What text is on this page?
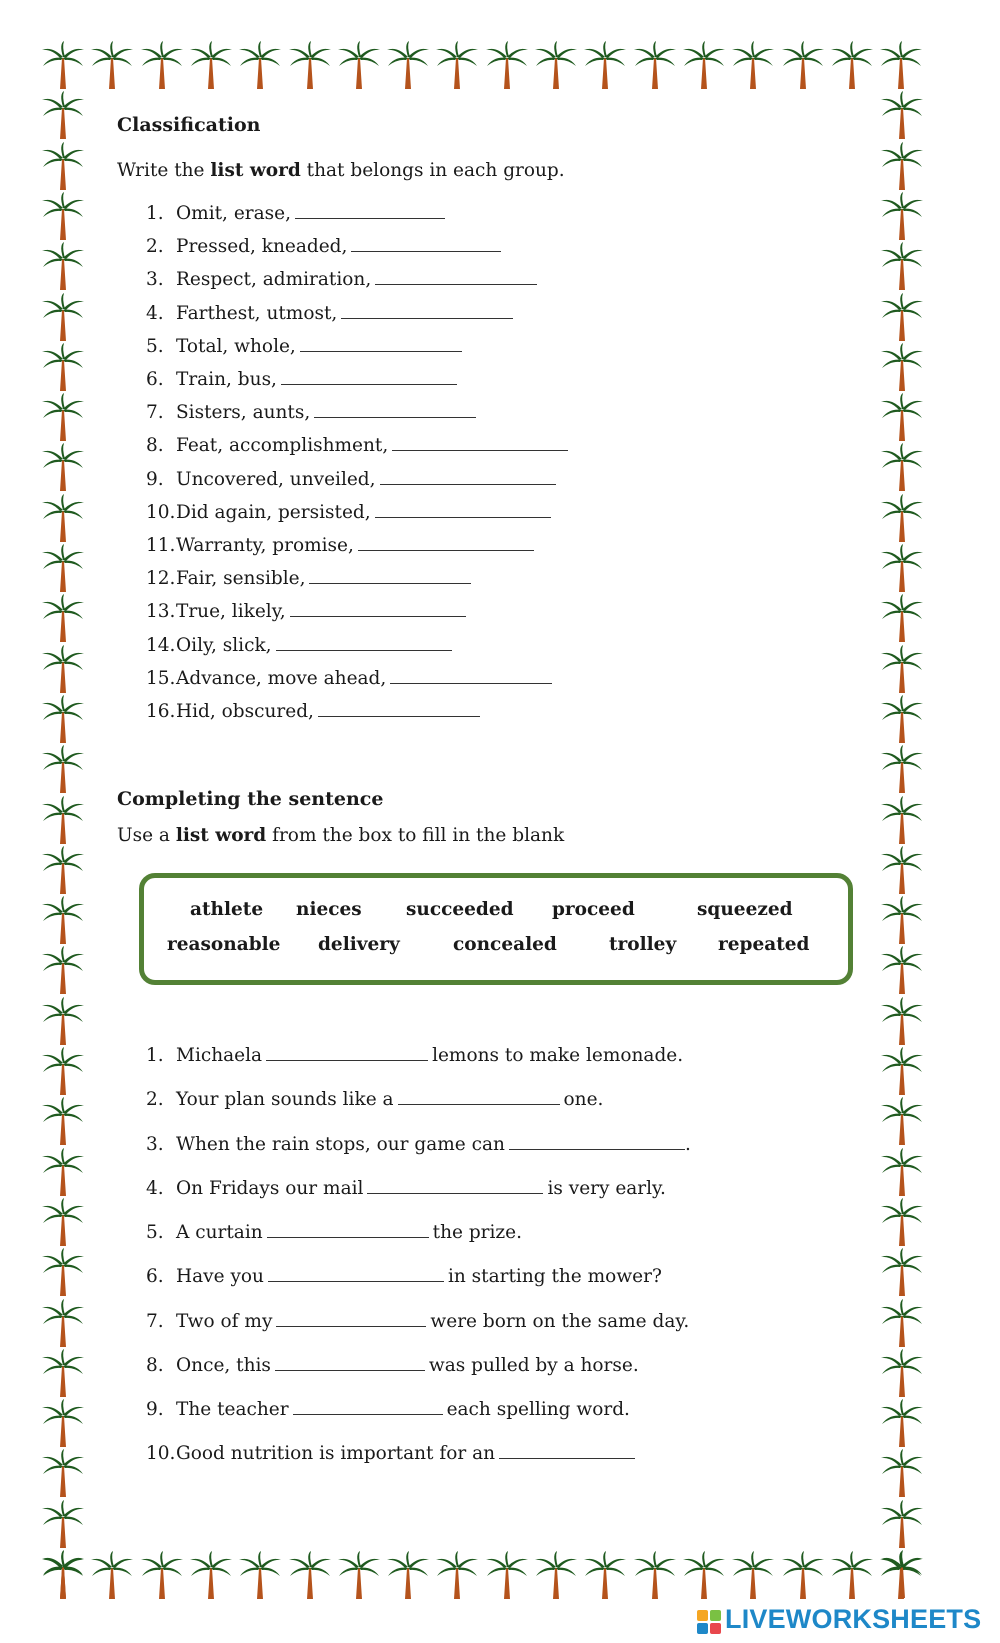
Classification
Write the list word that belongs in each group.
1. Omit, erase,
2. Pressed, kneaded,
3. Respect, admiration,
4. Farthest, utmost,
5. Total, whole,
6. Train, bus,
7. Sisters, aunts,
8. Feat, accomplishment,
9. Uncovered, unveiled,
10.Did again, persisted,
11.Warranty, promise,
12.Fair, sensible,
13.True, likely,
14.Oily, slick,
15.Advance, move ahead,
16.Hid, obscured,
Completing the sentence
Use a list word from the box to fill in the blank
athlete nieces succeeded proceed	squeezed
reasonable delivery	concealed	trolley repeated
1. Michaela	lemons to make lemonade.
2. Your plan sounds like a	one.
3. When the rain stops, our game can	.
4. On Fridays our mail	is very early.
5. A curtain	the prize.
6. Have you	in starting the mower?
7. Two of my	were born on the same day.
8. Once, this	was pulled by a horse.
9. The teacher	each spelling word.
10.Good nutrition is important for an
LIVEWORKSHEETS
